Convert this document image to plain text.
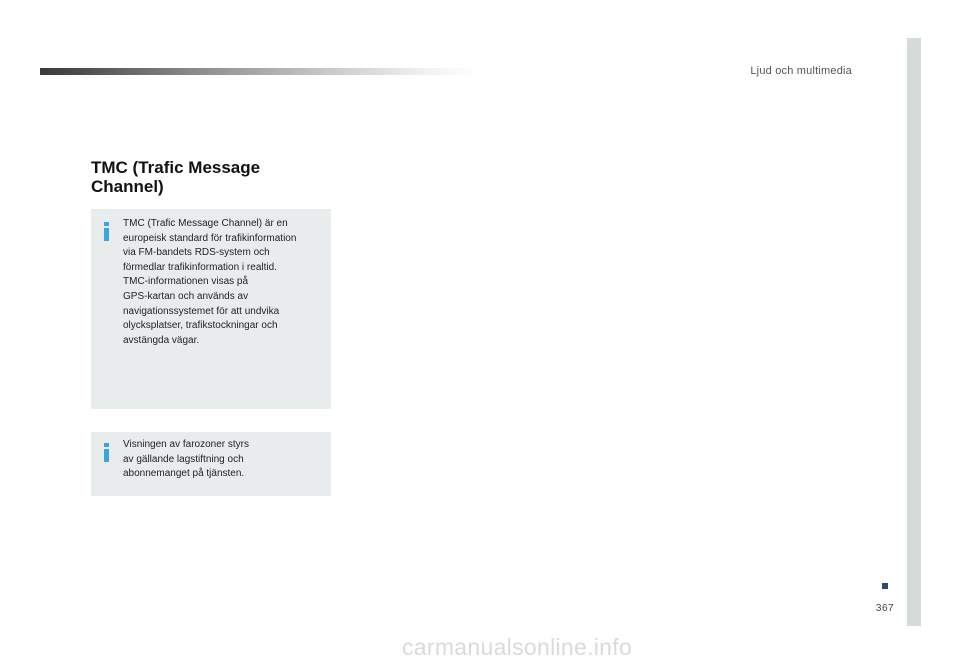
Ljud och multimedia
TMC (Trafic Message
Channel)
TMC (Trafic Message Channel) är en
europeisk standard för trafikinformation
via FM-bandets RDS-system och
förmedlar trafikinformation i realtid.
TMC-informationen visas på
GPS-kartan och används av
navigationssystemet för att undvika
olycksplatser, trafikstockningar och
avstängda vägar.
Visningen av farozoner styrs
av gällande lagstiftning och
abonnemanget på tjänsten.
367
carmanualsonline.info
